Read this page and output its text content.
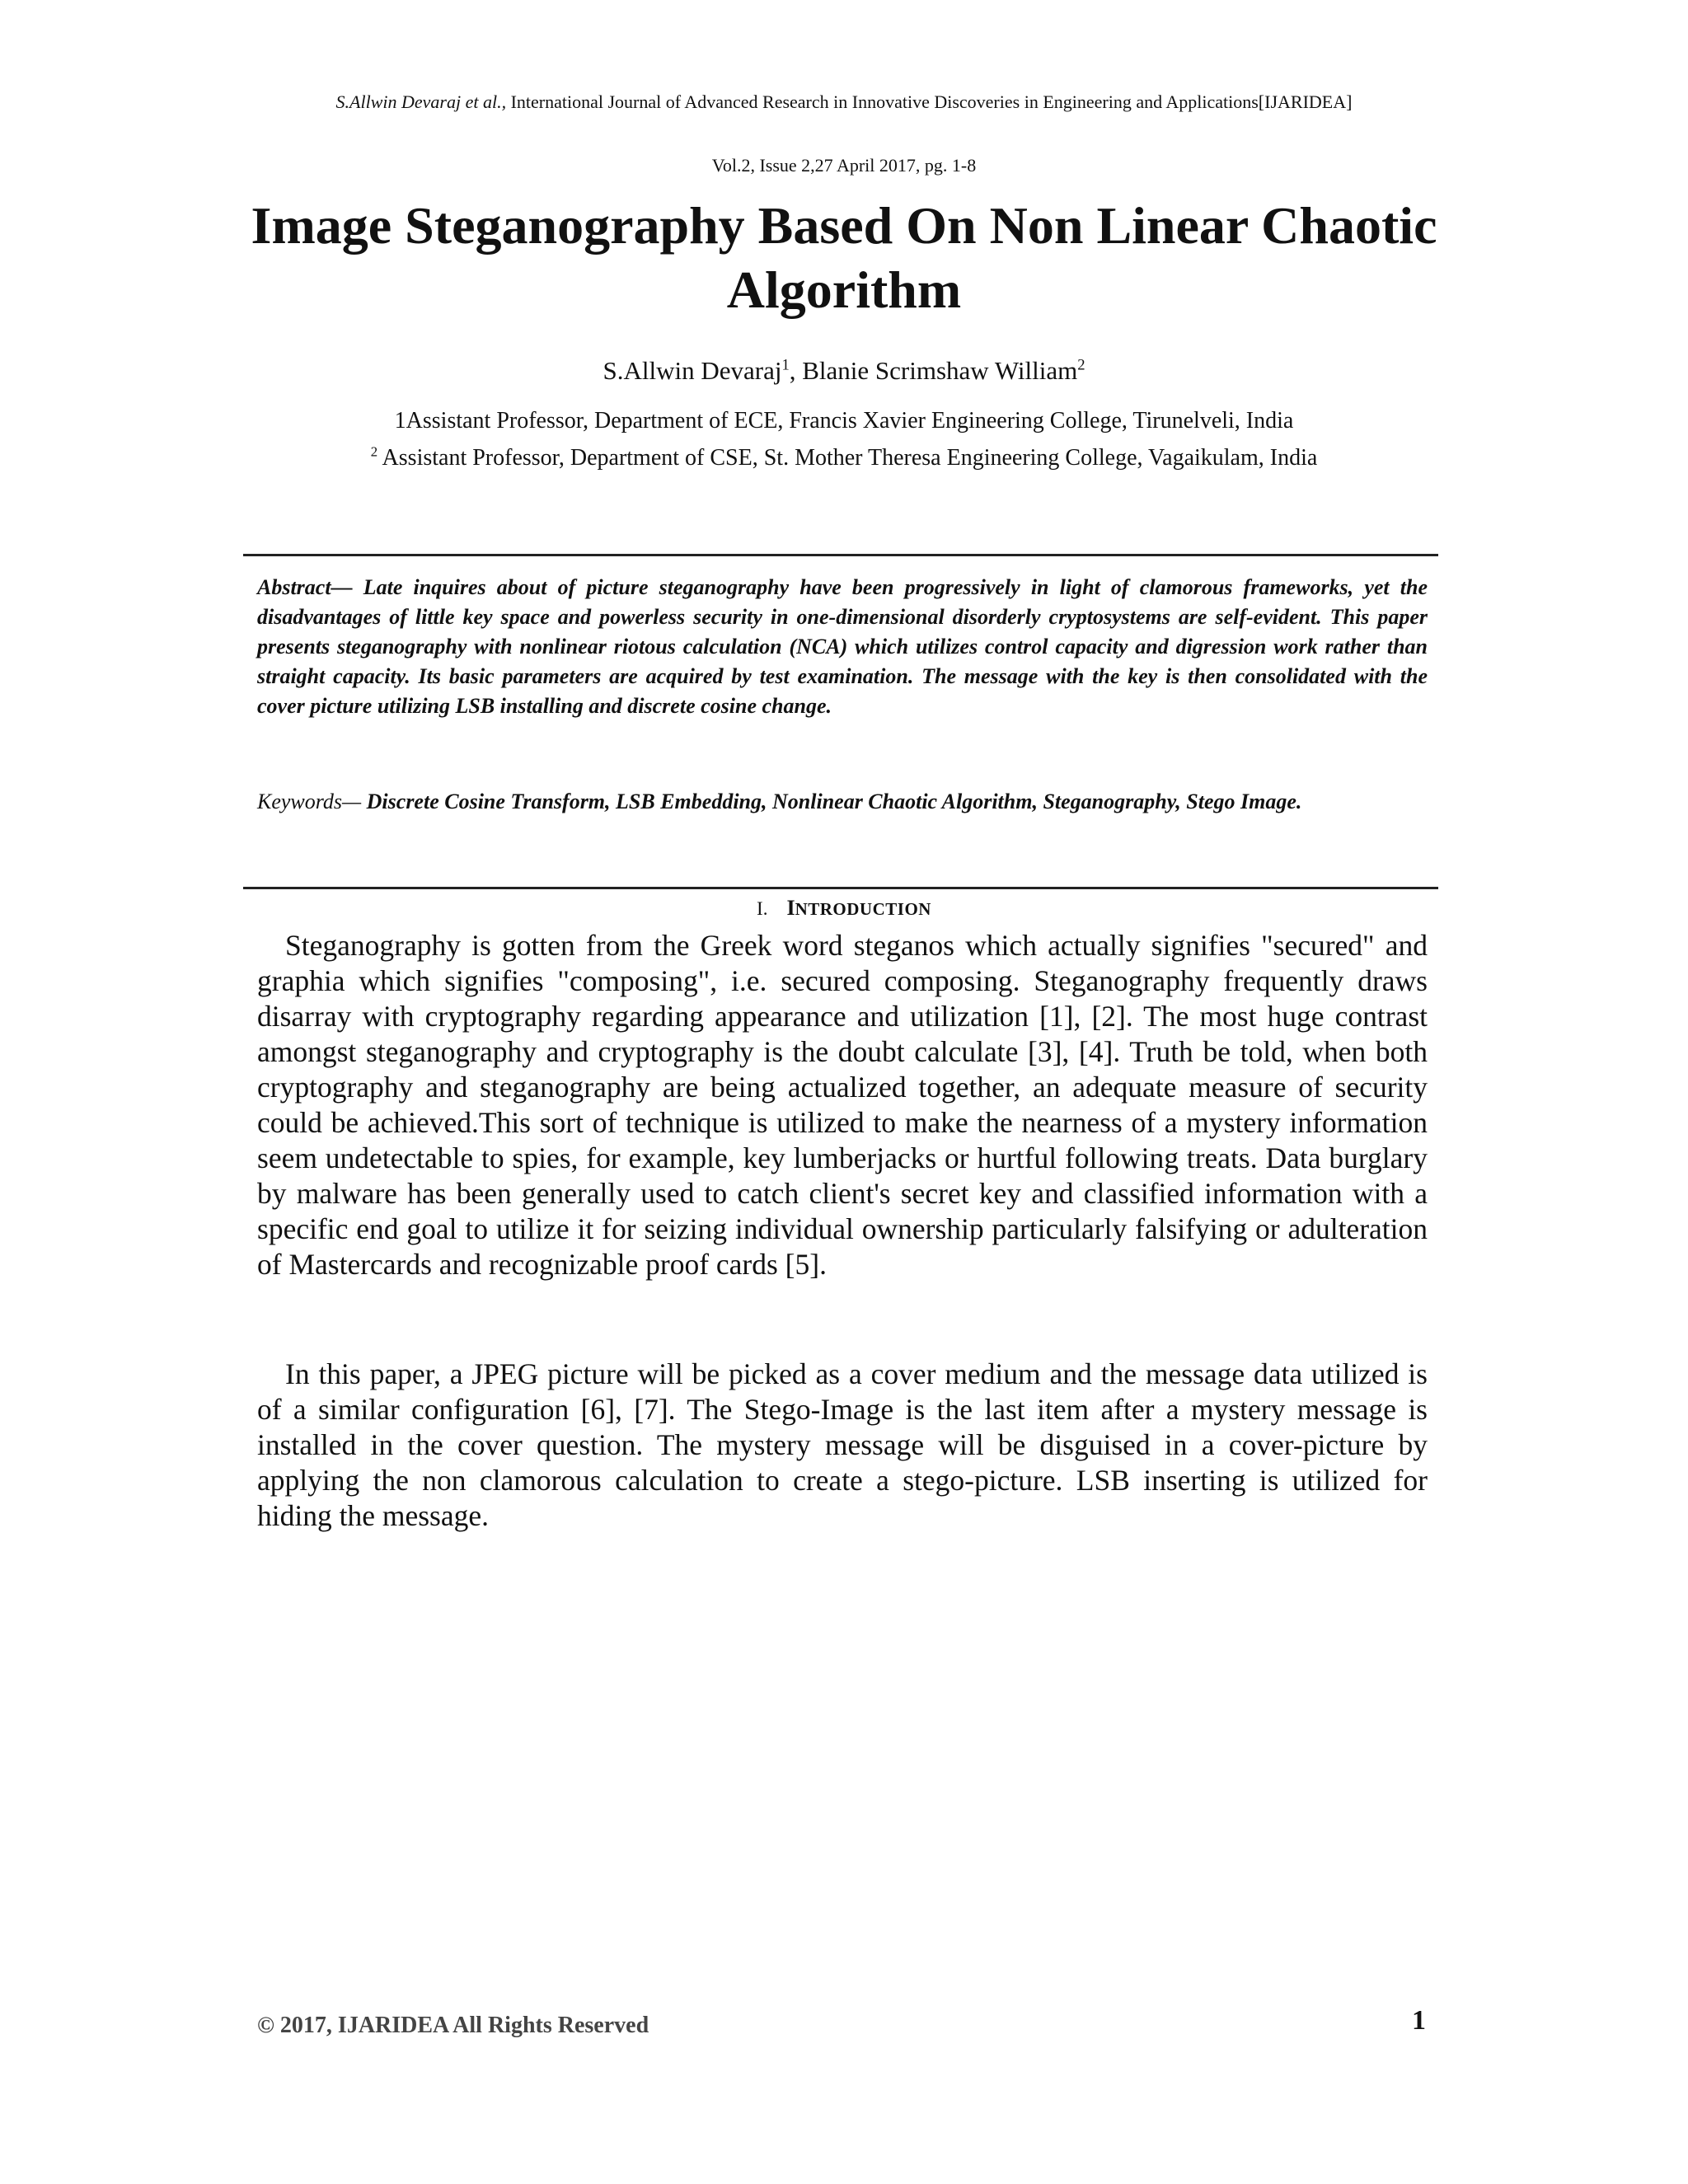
S.Allwin Devaraj et al., International Journal of Advanced Research in Innovative Discoveries in Engineering and Applications[IJARIDEA]
Vol.2, Issue 2,27 April 2017, pg. 1-8
Image Steganography Based On Non Linear Chaotic Algorithm
S.Allwin Devaraj$^1$, Blanie Scrimshaw William$^2$
1Assistant Professor, Department of ECE, Francis Xavier Engineering College, Tirunelveli, India
$^2$ Assistant Professor, Department of CSE, St. Mother Theresa Engineering College, Vagaikulam, India
Abstract— Late inquires about of picture steganography have been progressively in light of clamorous frameworks, yet the disadvantages of little key space and powerless security in one-dimensional disorderly cryptosystems are self-evident. This paper presents steganography with nonlinear riotous calculation (NCA) which utilizes control capacity and digression work rather than straight capacity. Its basic parameters are acquired by test examination. The message with the key is then consolidated with the cover picture utilizing LSB installing and discrete cosine change.
Keywords— Discrete Cosine Transform, LSB Embedding, Nonlinear Chaotic Algorithm, Steganography, Stego Image.
I. INTRODUCTION
Steganography is gotten from the Greek word steganos which actually signifies "secured" and graphia which signifies "composing", i.e. secured composing. Steganography frequently draws disarray with cryptography regarding appearance and utilization [1], [2]. The most huge contrast amongst steganography and cryptography is the doubt calculate [3], [4]. Truth be told, when both cryptography and steganography are being actualized together, an adequate measure of security could be achieved.This sort of technique is utilized to make the nearness of a mystery information seem undetectable to spies, for example, key lumberjacks or hurtful following treats. Data burglary by malware has been generally used to catch client's secret key and classified information with a specific end goal to utilize it for seizing individual ownership particularly falsifying or adulteration of Mastercards and recognizable proof cards [5].
In this paper, a JPEG picture will be picked as a cover medium and the message data utilized is of a similar configuration [6], [7]. The Stego-Image is the last item after a mystery message is installed in the cover question. The mystery message will be disguised in a cover-picture by applying the non clamorous calculation to create a stego-picture. LSB inserting is utilized for hiding the message.
© 2017, IJARIDEA All Rights Reserved	1
